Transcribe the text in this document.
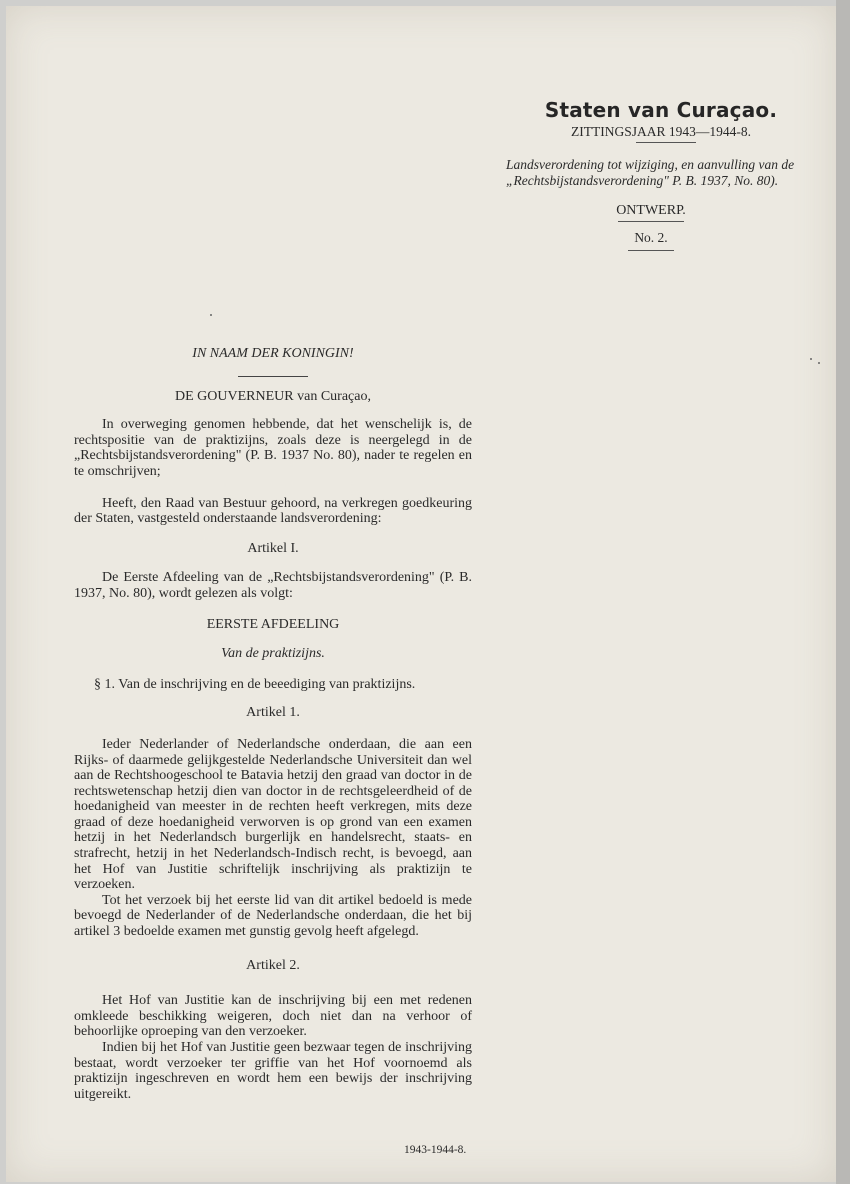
Staten van Curaçao.
ZITTINGSJAAR 1943—1944-8.
Landsverordening tot wijziging, en aanvulling van de „Rechtsbijstandsverordening" P. B. 1937, No. 80).
ONTWERP.
No. 2.

IN NAAM DER KONINGIN!

DE GOUVERNEUR van Curaçao,

In overweging genomen hebbende, dat het wenschelijk is, de rechtspositie van de praktizijns, zoals deze is neergelegd in de „Rechtsbijstandsverordening" (P. B. 1937 No. 80), nader te regelen en te omschrijven;

Heeft, den Raad van Bestuur gehoord, na verkregen goedkeuring der Staten, vastgesteld onderstaande landsverordening:

Artikel I.

De Eerste Afdeeling van de „Rechtsbijstandsverordening" (P. B. 1937, No. 80), wordt gelezen als volgt:

EERSTE AFDEELING

Van de praktizijns.

§ 1. Van de inschrijving en de beeediging van praktizijns.

Artikel 1.

Ieder Nederlander of Nederlandsche onderdaan, die aan een Rijks- of daarmede gelijkgestelde Nederlandsche Universiteit dan wel aan de Rechtshoogeschool te Batavia hetzij den graad van doctor in de rechtswetenschap hetzij dien van doctor in de rechtsgeleerdheid of de hoedanigheid van meester in de rechten heeft verkregen, mits deze graad of deze hoedanigheid verworven is op grond van een examen hetzij in het Nederlandsch burgerlijk en handelsrecht, staats- en strafrecht, hetzij in het Nederlandsch-Indisch recht, is bevoegd, aan het Hof van Justitie schriftelijk inschrijving als praktizijn te verzoeken.

Tot het verzoek bij het eerste lid van dit artikel bedoeld is mede bevoegd de Nederlander of de Nederlandsche onderdaan, die het bij artikel 3 bedoelde examen met gunstig gevolg heeft afgelegd.

Artikel 2.

Het Hof van Justitie kan de inschrijving bij een met redenen omkleede beschikking weigeren, doch niet dan na verhoor of behoorlijke oproeping van den verzoeker.

Indien bij het Hof van Justitie geen bezwaar tegen de inschrijving bestaat, wordt verzoeker ter griffie van het Hof voornoemd als praktizijn ingeschreven en wordt hem een bewijs der inschrijving uitgereikt.

1943-1944-8.
